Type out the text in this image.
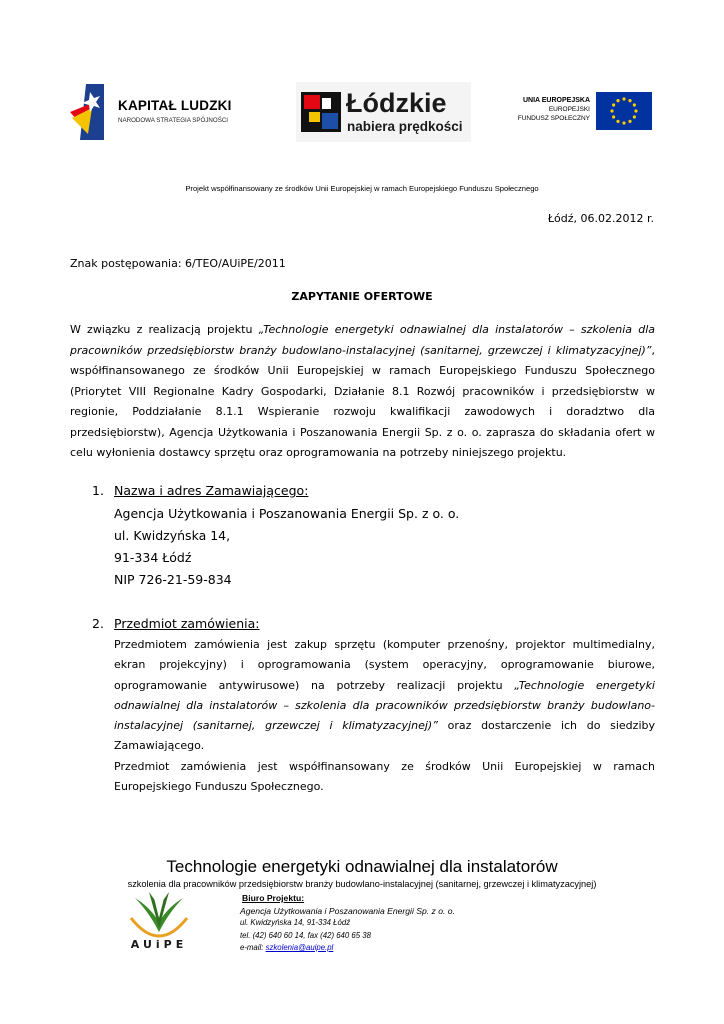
KAPITAŁ LUDZKI
NARODOWA STRATEGIA SPÓJNOŚCI
Łódzkie
nabiera prędkości
UNIA EUROPEJSKA
EUROPEJSKI
FUNDUSZ SPOŁECZNY
Projekt współfinansowany ze środków Unii Europejskiej w ramach Europejskiego Funduszu Społecznego
Łódź, 06.02.2012 r.
Znak postępowania: 6/TEO/AUiPE/2011
ZAPYTANIE OFERTOWE
W związku z realizacją projektu „Technologie energetyki odnawialnej dla instalatorów – szkolenia dla pracowników przedsiębiorstw branży budowlano-instalacyjnej (sanitarnej, grzewczej i klimatyzacyjnej)”, współfinansowanego ze środków Unii Europejskiej w ramach Europejskiego Funduszu Społecznego (Priorytet VIII Regionalne Kadry Gospodarki, Działanie 8.1 Rozwój pracowników i przedsiębiorstw w regionie, Poddziałanie 8.1.1 Wspieranie rozwoju kwalifikacji zawodowych i doradztwo dla przedsiębiorstw), Agencja Użytkowania i Poszanowania Energii Sp. z o. o. zaprasza do składania ofert w celu wyłonienia dostawcy sprzętu oraz oprogramowania na potrzeby niniejszego projektu.
1. Nazwa i adres Zamawiającego:
Agencja Użytkowania i Poszanowania Energii Sp. z o. o.
ul. Kwidzyńska 14,
91-334 Łódź
NIP 726-21-59-834
2. Przedmiot zamówienia:
Przedmiotem zamówienia jest zakup sprzętu (komputer przenośny, projektor multimedialny, ekran projekcyjny) i oprogramowania (system operacyjny, oprogramowanie biurowe, oprogramowanie antywirusowe) na potrzeby realizacji projektu „Technologie energetyki odnawialnej dla instalatorów – szkolenia dla pracowników przedsiębiorstw branży budowlano-instalacyjnej (sanitarnej, grzewczej i klimatyzacyjnej)” oraz dostarczenie ich do siedziby Zamawiającego.
Przedmiot zamówienia jest współfinansowany ze środków Unii Europejskiej w ramach Europejskiego Funduszu Społecznego.
Technologie energetyki odnawialnej dla instalatorów
szkolenia dla pracowników przedsiębiorstw branży budowlano-instalacyjnej (sanitarnej, grzewczej i klimatyzacyjnej)
AUiPE
Biuro Projektu:
Agencja Użytkowania i Poszanowania Energii Sp. z o. o.
ul. Kwidzyńska 14, 91-334 Łódź
tel. (42) 640 60 14, fax (42) 640 65 38
e-mail: szkolenia@auipe.pl
